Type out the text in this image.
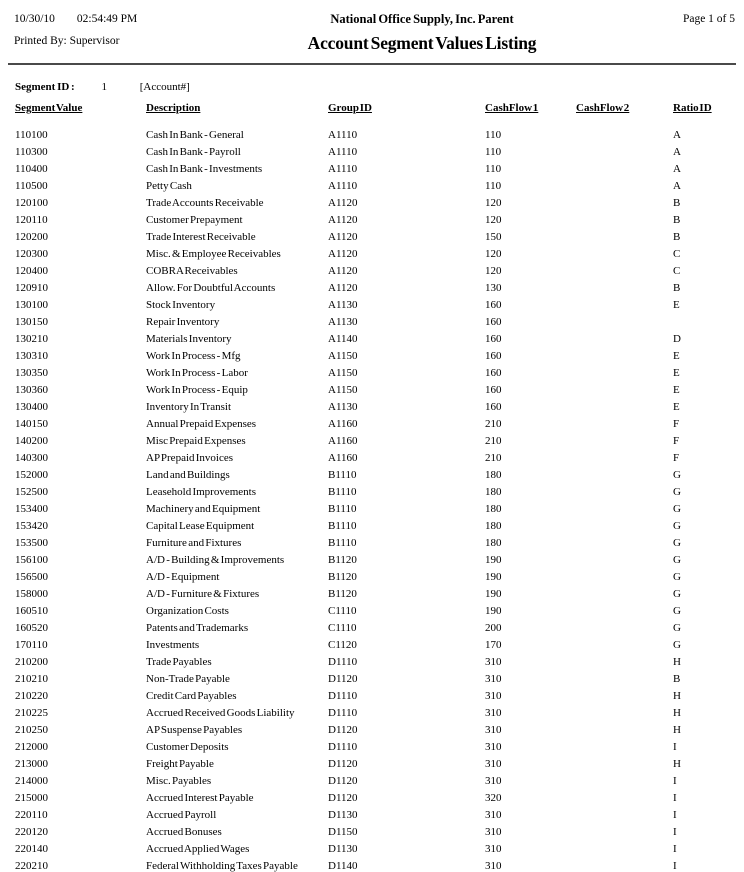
10/30/10 02:54:49 PM
Printed By: Supervisor
National Office Supply, Inc. Parent
Account Segment Values Listing
Page 1 of 5
Segment ID : 1	[Account#]
Segment Value	Description	Group ID	CashFlow 1	CashFlow 2	Ratio ID
110100	Cash In Bank - General	A1110	110		A
110300	Cash In Bank - Payroll	A1110	110		A
110400	Cash In Bank - Investments	A1110	110		A
110500	Petty Cash	A1110	110		A
120100	Trade Accounts Receivable	A1120	120		B
120110	Customer Prepayment	A1120	120		B
120200	Trade Interest Receivable	A1120	150		B
120300	Misc. & Employee Receivables	A1120	120		C
120400	COBRA Receivables	A1120	120		C
120910	Allow. For Doubtful Accounts	A1120	130		B
130100	Stock Inventory	A1130	160		E
130150	Repair Inventory	A1130	160		
130210	Materials Inventory	A1140	160		D
130310	Work In Process - Mfg	A1150	160		E
130350	Work In Process - Labor	A1150	160		E
130360	Work In Process - Equip	A1150	160		E
130400	Inventory In Transit	A1130	160		E
140150	Annual Prepaid Expenses	A1160	210		F
140200	Misc Prepaid Expenses	A1160	210		F
140300	AP Prepaid Invoices	A1160	210		F
152000	Land and Buildings	B1110	180		G
152500	Leasehold Improvements	B1110	180		G
153400	Machinery and Equipment	B1110	180		G
153420	Capital Lease Equipment	B1110	180		G
153500	Furniture and Fixtures	B1110	180		G
156100	A/D - Building & Improvements	B1120	190		G
156500	A/D - Equipment	B1120	190		G
158000	A/D - Furniture & Fixtures	B1120	190		G
160510	Organization Costs	C1110	190		G
160520	Patents and Trademarks	C1110	200		G
170110	Investments	C1120	170		G
210200	Trade Payables	D1110	310		H
210210	Non-Trade Payable	D1120	310		B
210220	Credit Card Payables	D1110	310		H
210225	Accrued Received Goods Liability	D1110	310		H
210250	AP Suspense Payables	D1120	310		H
212000	Customer Deposits	D1110	310		I
213000	Freight Payable	D1120	310		H
214000	Misc. Payables	D1120	310		I
215000	Accrued Interest Payable	D1120	320		I
220110	Accrued Payroll	D1130	310		I
220120	Accrued Bonuses	D1150	310		I
220140	Accrued Applied Wages	D1130	310		I
220210	Federal Withholding Taxes Payable	D1140	310		I
